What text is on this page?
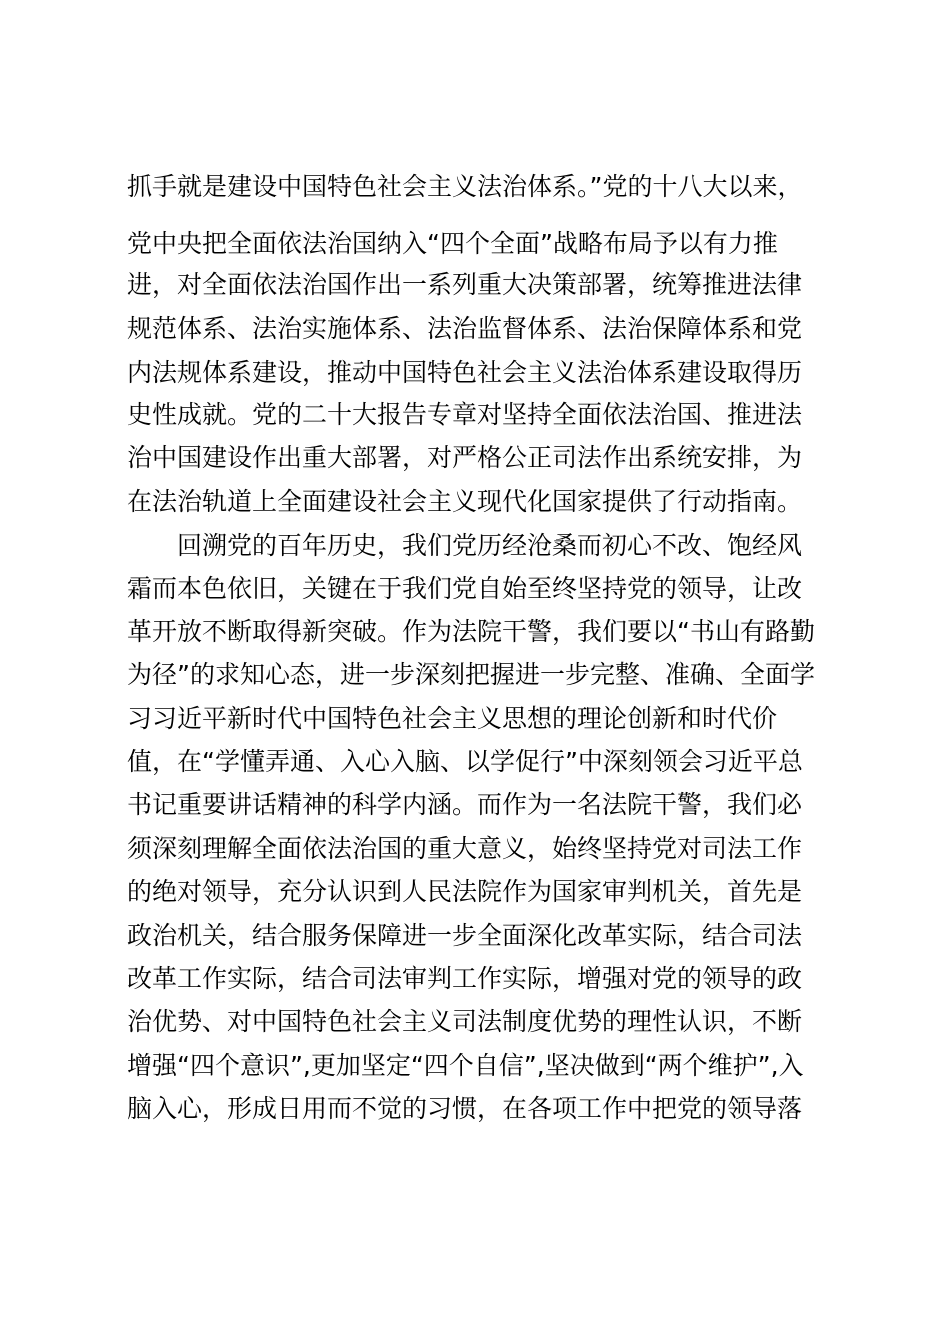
抓手就是建设中国特色社会主义法治体系。”党的十八大以来，
党中央把全面依法治国纳入“四个全面”战略布局予以有力推
进，对全面依法治国作出一系列重大决策部署，统筹推进法律
规范体系、法治实施体系、法治监督体系、法治保障体系和党
内法规体系建设，推动中国特色社会主义法治体系建设取得历
史性成就。党的二十大报告专章对坚持全面依法治国、推进法
治中国建设作出重大部署，对严格公正司法作出系统安排，为
在法治轨道上全面建设社会主义现代化国家提供了行动指南。
回溯党的百年历史，我们党历经沧桑而初心不改、饱经风
霜而本色依旧，关键在于我们党自始至终坚持党的领导，让改
革开放不断取得新突破。作为法院干警，我们要以“书山有路勤
为径”的求知心态，进一步深刻把握进一步完整、准确、全面学
习习近平新时代中国特色社会主义思想的理论创新和时代价
值，在“学懂弄通、入心入脑、以学促行”中深刻领会习近平总
书记重要讲话精神的科学内涵。而作为一名法院干警，我们必
须深刻理解全面依法治国的重大意义，始终坚持党对司法工作
的绝对领导，充分认识到人民法院作为国家审判机关，首先是
政治机关，结合服务保障进一步全面深化改革实际，结合司法
改革工作实际，结合司法审判工作实际，增强对党的领导的政
治优势、对中国特色社会主义司法制度优势的理性认识，不断
增强“四个意识”,更加坚定“四个自信”,坚决做到“两个维护”,入
脑入心，形成日用而不觉的习惯，在各项工作中把党的领导落
